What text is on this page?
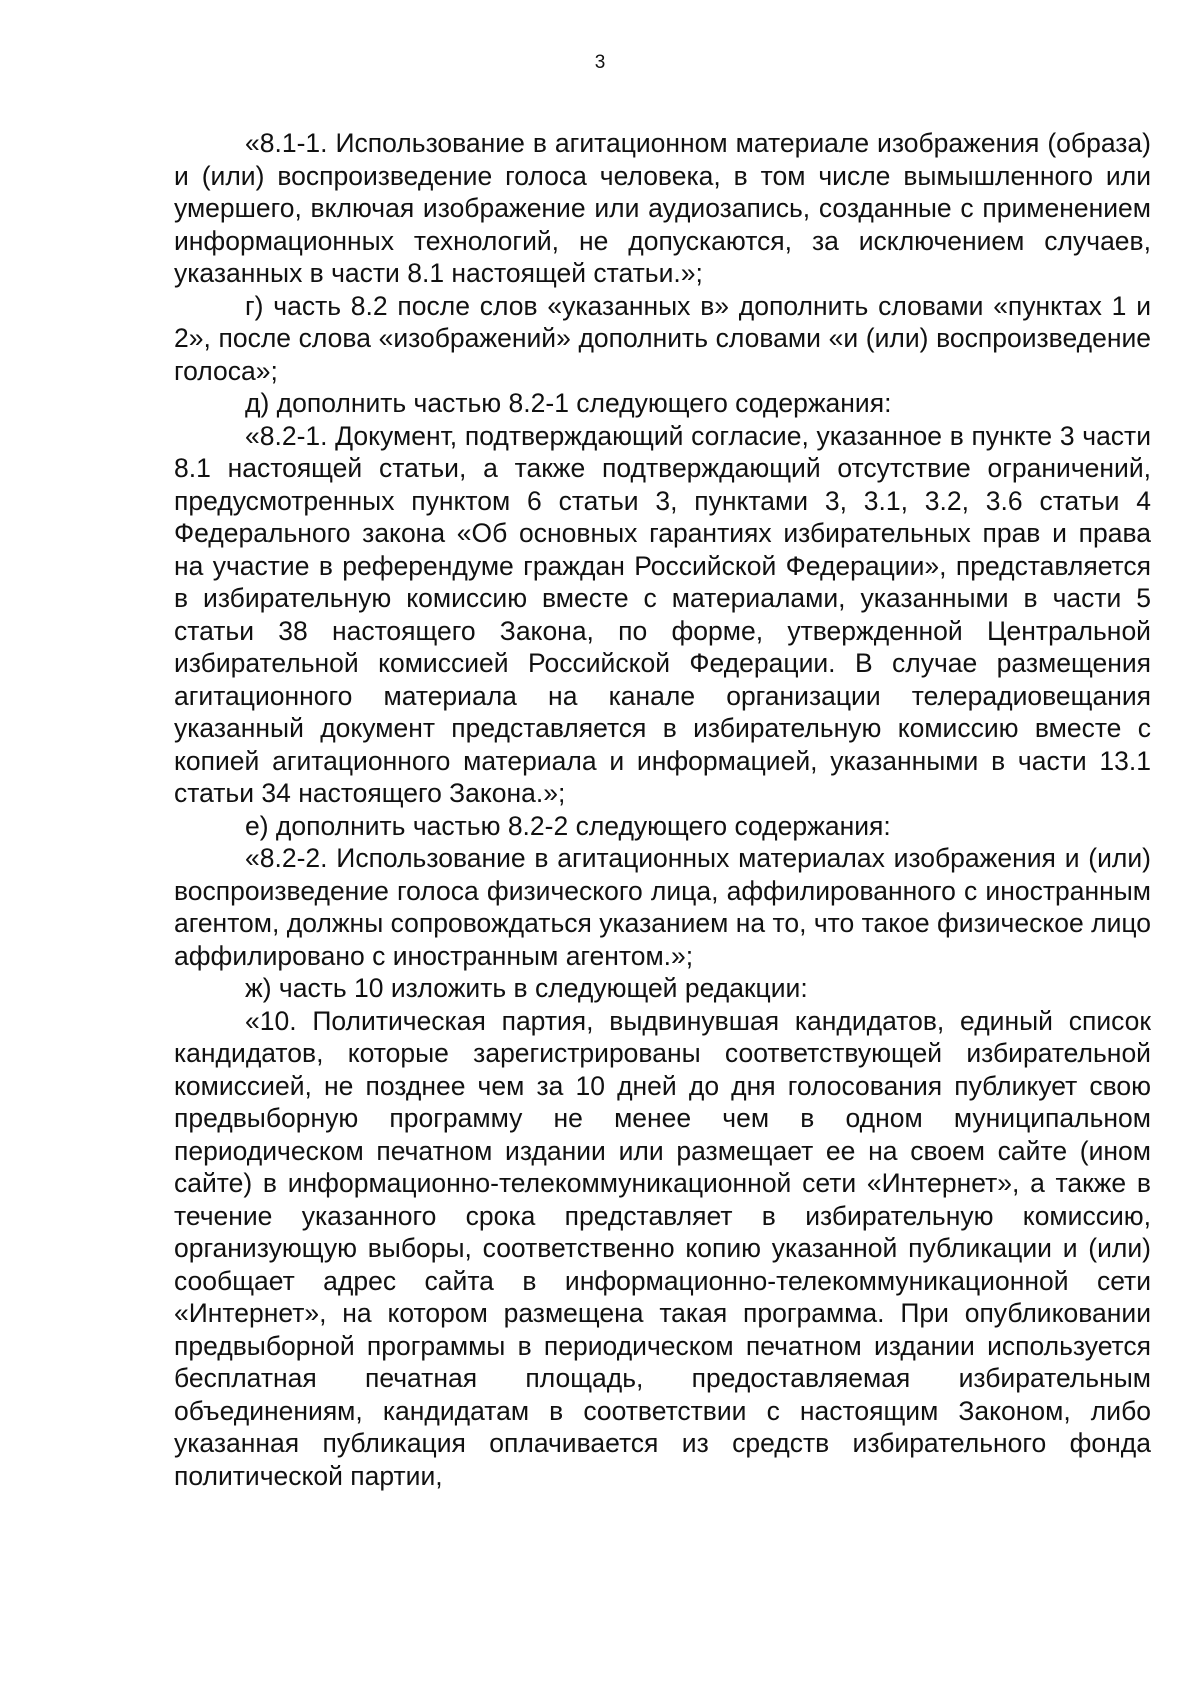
3

«8.1-1. Использование в агитационном материале изображения (образа) и (или) воспроизведение голоса человека, в том числе вымышленного или умершего, включая изображение или аудиозапись, созданные с применением информационных технологий, не допускаются, за исключением случаев, указанных в части 8.1 настоящей статьи.»;

г) часть 8.2 после слов «указанных в» дополнить словами «пунктах 1 и 2», после слова «изображений» дополнить словами «и (или) воспроизведение голоса»;

д) дополнить частью 8.2-1 следующего содержания:

«8.2-1. Документ, подтверждающий согласие, указанное в пункте 3 части 8.1 настоящей статьи, а также подтверждающий отсутствие ограничений, предусмотренных пунктом 6 статьи 3, пунктами 3, 3.1, 3.2, 3.6 статьи 4 Федерального закона «Об основных гарантиях избирательных прав и права на участие в референдуме граждан Российской Федерации», представляется в избирательную комиссию вместе с материалами, указанными в части 5 статьи 38 настоящего Закона, по форме, утвержденной Центральной избирательной комиссией Российской Федерации. В случае размещения агитационного материала на канале организации телерадиовещания указанный документ представляется в избирательную комиссию вместе с копией агитационного материала и информацией, указанными в части 13.1 статьи 34 настоящего Закона.»;

е) дополнить частью 8.2-2 следующего содержания:

«8.2-2. Использование в агитационных материалах изображения и (или) воспроизведение голоса физического лица, аффилированного с иностранным агентом, должны сопровождаться указанием на то, что такое физическое лицо аффилировано с иностранным агентом.»;

ж) часть 10 изложить в следующей редакции:

«10. Политическая партия, выдвинувшая кандидатов, единый список кандидатов, которые зарегистрированы соответствующей избирательной комиссией, не позднее чем за 10 дней до дня голосования публикует свою предвыборную программу не менее чем в одном муниципальном периодическом печатном издании или размещает ее на своем сайте (ином сайте) в информационно-телекоммуникационной сети «Интернет», а также в течение указанного срока представляет в избирательную комиссию, организующую выборы, соответственно копию указанной публикации и (или) сообщает адрес сайта в информационно-телекоммуникационной сети «Интернет», на котором размещена такая программа. При опубликовании предвыборной программы в периодическом печатном издании используется бесплатная печатная площадь, предоставляемая избирательным объединениям, кандидатам в соответствии с настоящим Законом, либо указанная публикация оплачивается из средств избирательного фонда политической партии,
